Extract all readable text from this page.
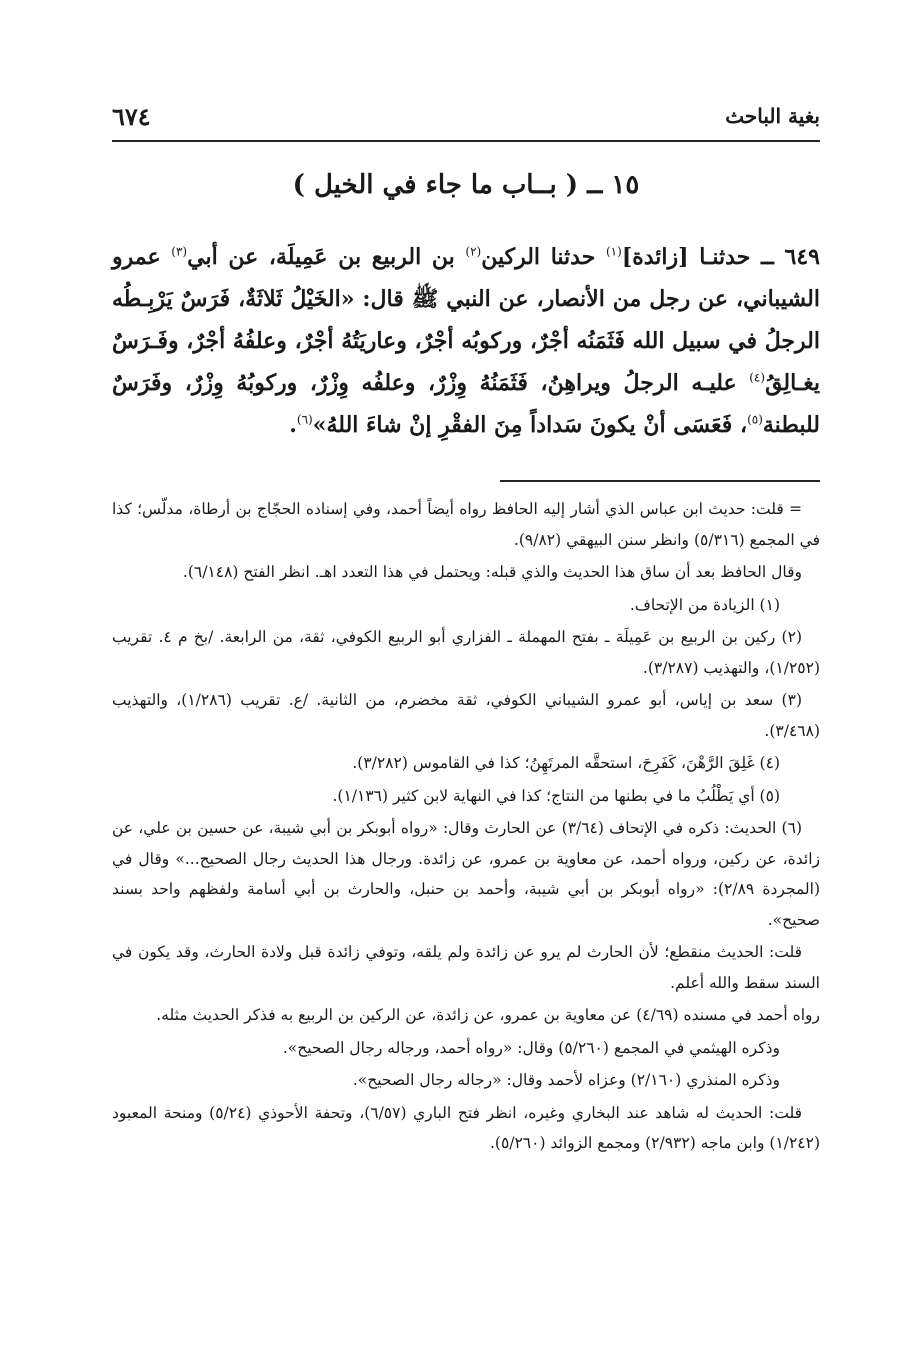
٦٧٤	بغية الباحث
١٥ ــ ( بــاب ما جاء في الخيل )
٦٤٩ ــ حدثنـا [زائدة]$^{(١)}$ حدثنا الركين$^{(٢)}$ بن الربيع بن عَمِيلَة، عن أبي$^{(٣)}$ عمرو الشيباني، عن رجل من الأنصار، عن النبي ﷺ قال: «الخَيْلُ ثَلاثَةٌ، فَرَسٌ يَرْبِـطُه الرجلُ في سبيل الله فَثَمَنُه أجْرٌ، وركوبُه أجْرٌ، وعاريَتُهُ أجْرٌ، وعلفُهُ أجْرٌ، وفَـرَسٌ يغـالِقُ$^{(٤)}$ عليـه الرجلُ ويراهِنُ، فَثَمَنُهُ وِزْرٌ، وعلفُه وِزْرٌ، وركوبُهُ وِزْرٌ، وفَرَسٌ للبطنة$^{(٥)}$، فَعَسَى أنْ يكونَ سَداداً مِنَ الفقْرِ إنْ شاءَ اللهُ»$^{(٦)}$.

= قلت: حديث ابن عباس الذي أشار إليه الحافظ رواه أيضاً أحمد، وفي إسناده الحجّاج بن أرطاة، مدلّس؛ كذا في المجمع (٥/٣١٦) وانظر سنن البيهقي (٩/٨٢).

وقال الحافظ بعد أن ساق هذا الحديث والذي قبله: ويحتمل في هذا التعدد اهـ. انظر الفتح (٦/١٤٨).

(١) الزيادة من الإتحاف.

(٢) ركين بن الربيع بن عَمِيلَة ـ بفتح المهملة ـ الفزاري أبو الربيع الكوفي، ثقة، من الرابعة. /بخ م ٤. تقريب (١/٢٥٢)، والتهذيب (٣/٢٨٧).

(٣) سعد بن إياس، أبو عمرو الشيباني الكوفي، ثقة مخضرم، من الثانية. /ع. تقريب (١/٢٨٦)، والتهذيب (٣/٤٦٨).

(٤) غَلِقَ الرَّهْنَ، كَفَرِحَ، استحقَّه المرتَهِنُ؛ كذا في القاموس (٣/٢٨٢).

(٥) أي يَطْلُبُ ما في بطنها من النتاج؛ كذا في النهاية لابن كثير (١/١٣٦).

(٦) الحديث: ذكره في الإتحاف (٣/٦٤) عن الحارث وقال: «رواه أبوبكر بن أبي شيبة، عن حسين بن علي، عن زائدة، عن ركين، ورواه أحمد، عن معاوية بن عمرو، عن زائدة. ورجال هذا الحديث رجال الصحيح...» وقال في (المجردة ٢/٨٩): «رواه أبوبكر بن أبي شيبة، وأحمد بن حنبل، والحارث بن أبي أسامة ولفظهم واحد بسند صحيح».

قلت: الحديث منقطع؛ لأن الحارث لم يرو عن زائدة ولم يلقه، وتوفي زائدة قبل ولادة الحارث، وقد يكون في السند سقط والله أعلم.

رواه أحمد في مسنده (٤/٦٩) عن معاوية بن عمرو، عن زائدة، عن الركين بن الربيع به فذكر الحديث مثله.

وذكره الهيثمي في المجمع (٥/٢٦٠) وقال: «رواه أحمد، ورجاله رجال الصحيح».

وذكره المنذري (٢/١٦٠) وعزاه لأحمد وقال: «رجاله رجال الصحيح».

قلت: الحديث له شاهد عند البخاري وغيره، انظر فتح الباري (٦/٥٧)، وتحفة الأحوذي (٥/٢٤) ومنحة المعبود (١/٢٤٢) وابن ماجه (٢/٩٣٢) ومجمع الزوائد (٥/٢٦٠).
